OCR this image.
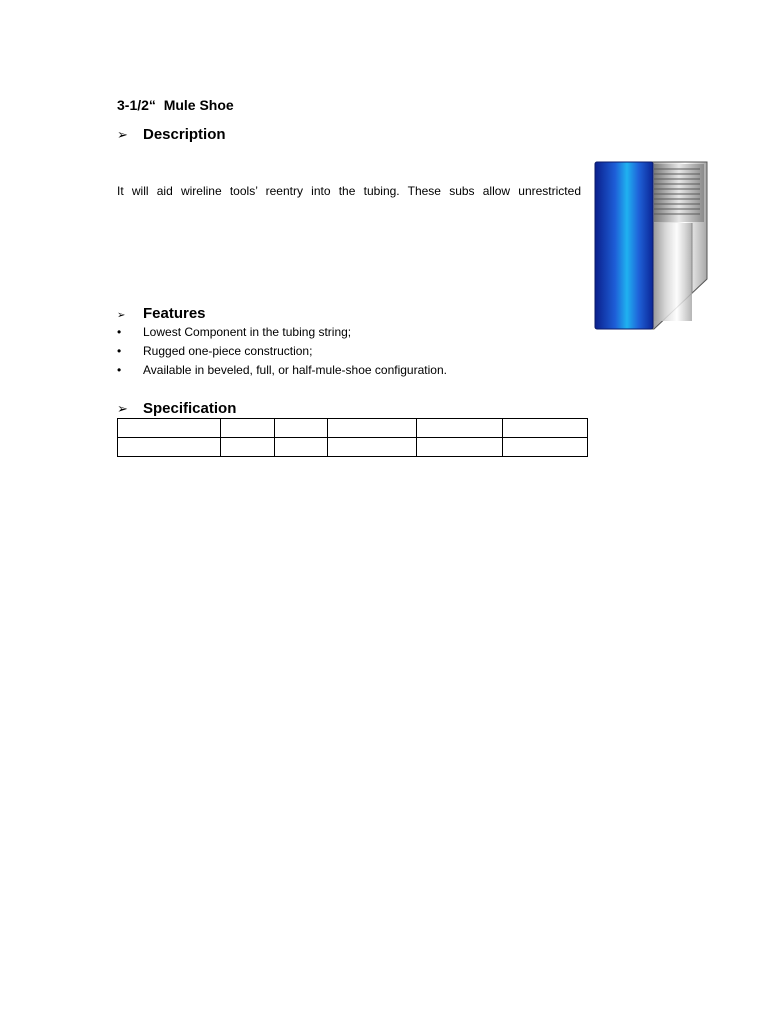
3-1/2“  Mule Shoe
➢ Description
It will aid wireline tools’ reentry into the tubing. These subs allow unrestricted
➢ Features
• Lowest Component in the tubing string;
• Rugged one-piece construction;
• Available in beveled, full, or half-mule-shoe configuration.
➢ Specification
